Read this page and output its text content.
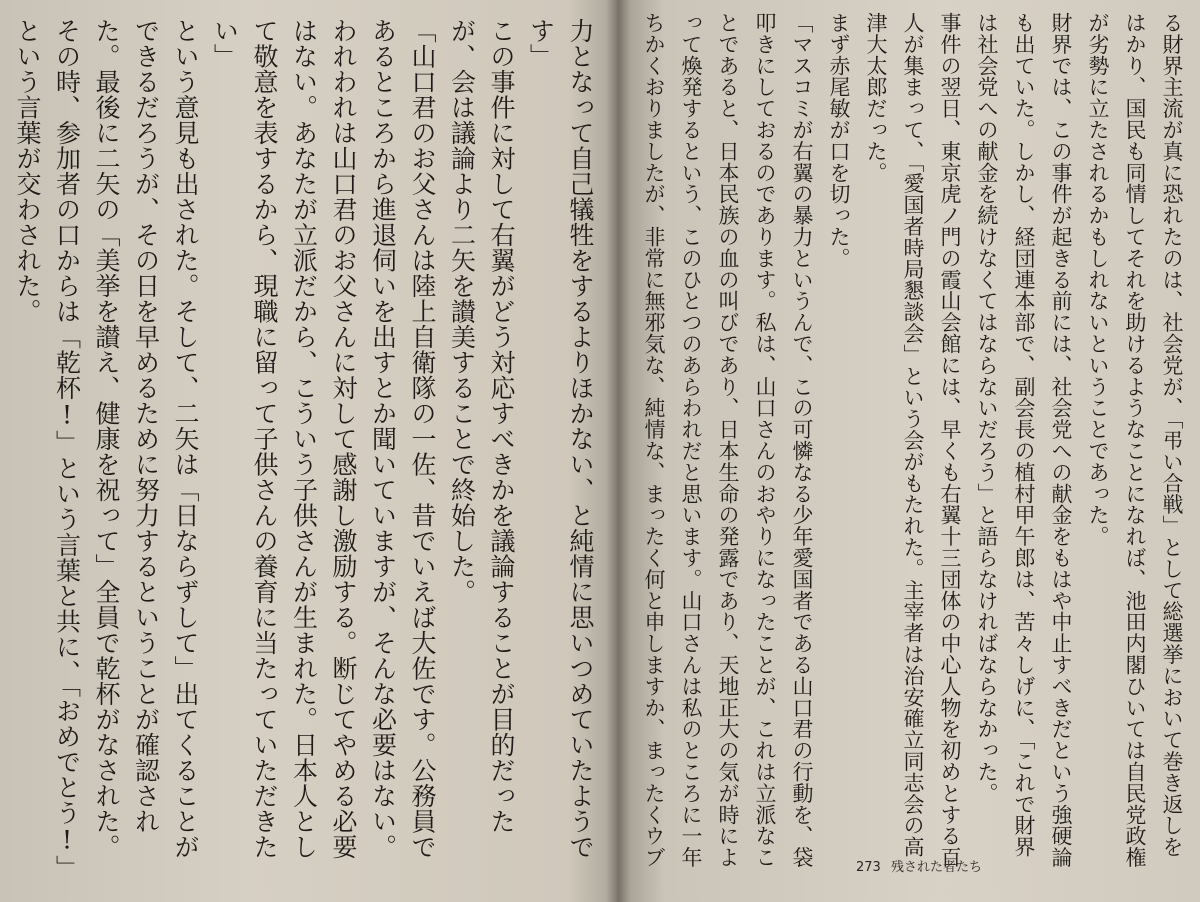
る財界主流が真に恐れたのは、社会党が、「弔い合戦」として総選挙において巻き返しをはかり、国民も同情してそれを助けるようなことになれば、池田内閣ひいては自民党政権が劣勢に立たされるかもしれないということであった。

財界では、この事件が起きる前には、社会党への献金をもはや中止すべきだという強硬論も出ていた。しかし、経団連本部で、副会長の植村甲午郎は、苦々しげに、「これで財界は社会党への献金を続けなくてはならないだろう」と語らなければならなかった。

事件の翌日、東京虎ノ門の霞山会館には、早くも右翼十三団体の中心人物を初めとする百人が集まって、「愛国者時局懇談会」という会がもたれた。主宰者は治安確立同志会の高津大太郎だった。

まず赤尾敏が口を切った。

「マスコミが右翼の暴力というんで、この可憐なる少年愛国者である山口君の行動を、袋叩きにしておるのであります。私は、山口さんのおやりになったことが、これは立派なことであると、日本民族の血の叫びであり、日本生命の発露であり、天地正大の気が時によって煥発するという、このひとつのあらわれだと思います。山口さんは私のところに一年ちかくおりましたが、非常に無邪気な、純情な、まったく何と申しますか、まったくウブ	273 残された者たち

力となって自己犠牲をするよりほかない、と純情に思いつめていたようです」

この事件に対して右翼がどう対応すべきかを議論することが目的だったが、会は議論より二矢を讃美することで終始した。

「山口君のお父さんは陸上自衛隊の一佐、昔でいえば大佐です。公務員であるところから進退伺いを出すとか聞いていますが、そんな必要はない。われわれは山口君のお父さんに対して感謝し激励する。断じてやめる必要はない。あなたが立派だから、こういう子供さんが生まれた。日本人として敬意を表するから、現職に留って子供さんの養育に当たっていただきたい」

という意見も出された。そして、二矢は「日ならずして」出てくることができるだろうが、その日を早めるために努力するということが確認された。最後に二矢の「美挙を讃え、健康を祝って」全員で乾杯がなされた。その時、参加者の口からは「乾杯!」という言葉と共に、「おめでとう!」という言葉が交わされた。
